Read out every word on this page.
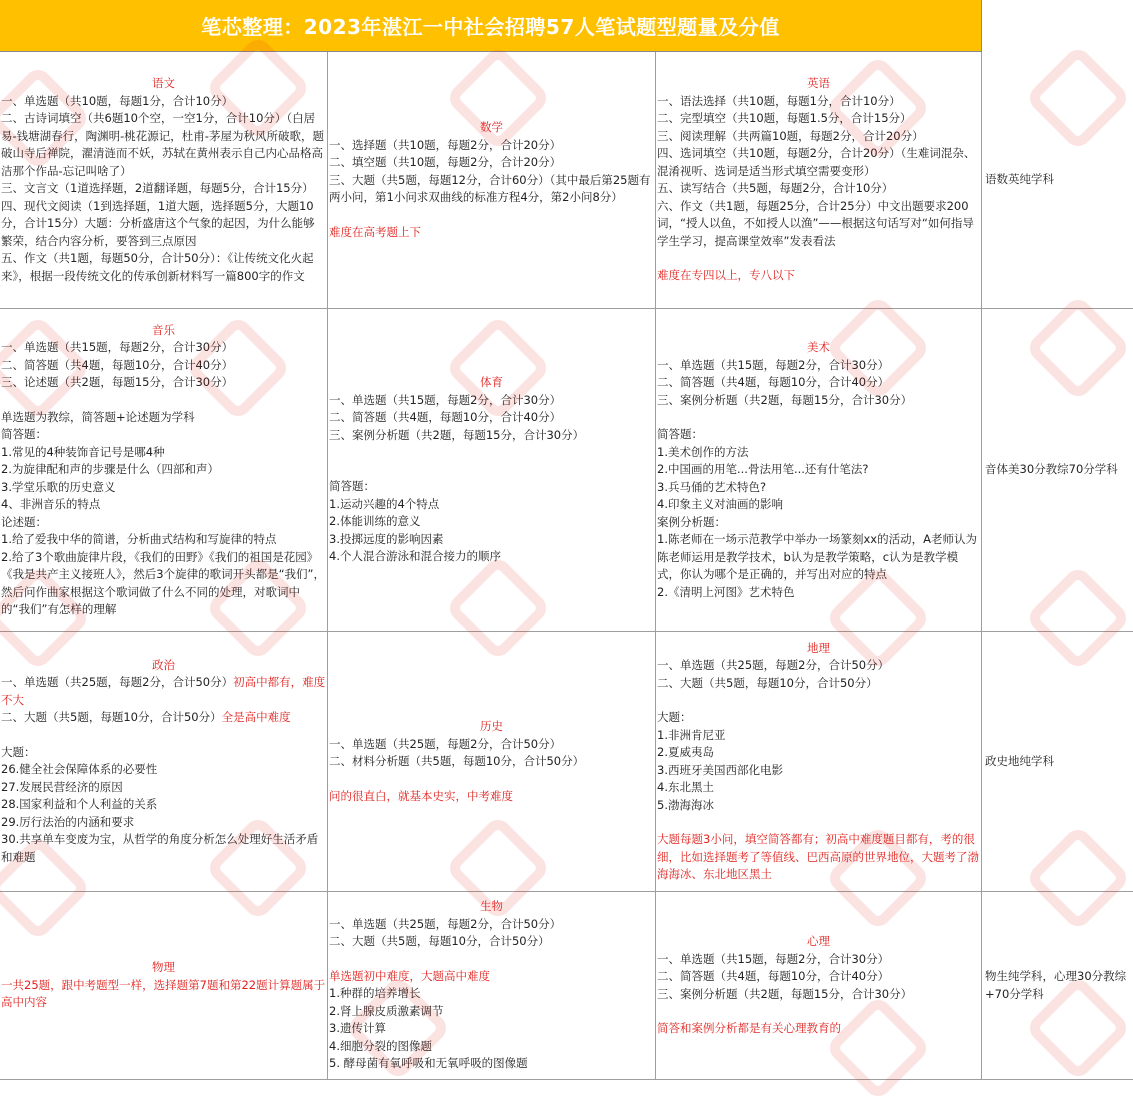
笔芯整理：2023年湛江一中社会招聘57人笔试题型题量及分值
语文
一、单选题（共10题，每题1分，合计10分）
二、古诗词填空（共6题10个空，一空1分，合计10分）（白居易-钱塘湖春行，陶渊明-桃花源记，杜甫-茅屋为秋风所破歌，题破山寺后禅院，濯清涟而不妖，苏轼在黄州表示自己内心品格高洁那个作品-忘记叫啥了）
三、文言文（1道选择题，2道翻译题，每题5分，合计15分）
四、现代文阅读（1到选择题，1道大题，选择题5分，大题10分，合计15分）大题：分析盛唐这个气象的起因，为什么能够繁荣，结合内容分析，要答到三点原因
五、作文（共1题，每题50分，合计50分）：《让传统文化火起来》，根据一段传统文化的传承创新材料写一篇800字的作文
数学
一、选择题（共10题，每题2分，合计20分）
二、填空题（共10题，每题2分，合计20分）
三、大题（共5题，每题12分，合计60分）（其中最后第25题有两小问，第1小问求双曲线的标准方程4分，第2小问8分）
难度在高考题上下
英语
一、语法选择（共10题，每题1分，合计10分）
二、完型填空（共10题，每题1.5分，合计15分）
三、阅读理解（共两篇10题，每题2分，合计20分）
四、选词填空（共10题，每题2分，合计20分）（生难词混杂、混淆视听、选词是适当形式填空需要变形）
五、读写结合（共5题，每题2分，合计10分）
六、作文（共1题，每题25分，合计25分）中文出题要求200词，“授人以鱼，不如授人以渔”——根据这句话写对“如何指导学生学习，提高课堂效率”发表看法
难度在专四以上，专八以下
语数英纯学科
音乐
一、单选题（共15题，每题2分，合计30分）
二、简答题（共4题，每题10分，合计40分）
三、论述题（共2题，每题15分，合计30分）
单选题为教综，简答题+论述题为学科
简答题：
1.常见的4种装饰音记号是哪4种
2.为旋律配和声的步骤是什么（四部和声）
3.学堂乐歌的历史意义
4、非洲音乐的特点
论述题：
1.给了爱我中华的简谱，分析曲式结构和写旋律的特点
2.给了3个歌曲旋律片段，《我们的田野》《我们的祖国是花园》《我是共产主义接班人》，然后3个旋律的歌词开头都是“我们”，然后问作曲家根据这个歌词做了什么不同的处理，对歌词中的“我们”有怎样的理解
体育
一、单选题（共15题，每题2分，合计30分）
二、简答题（共4题，每题10分，合计40分）
三、案例分析题（共2题，每题15分，合计30分）
简答题：
1.运动兴趣的4个特点
2.体能训练的意义
3.投掷远度的影响因素
4.个人混合游泳和混合接力的顺序
美术
一、单选题（共15题，每题2分，合计30分）
二、简答题（共4题，每题10分，合计40分）
三、案例分析题（共2题，每题15分，合计30分）
简答题：
1.美术创作的方法
2.中国画的用笔...骨法用笔...还有什笔法?
3.兵马俑的艺术特色?
4.印象主义对油画的影响
案例分析题：
1.陈老师在一场示范教学中举办一场篆刻xx的活动，A老师认为陈老师运用是教学技术，b认为是教学策略，c认为是教学模式，你认为哪个是正确的，并写出对应的特点
2.《清明上河图》艺术特色
音体美30分教综70分学科
政治
一、单选题（共25题，每题2分，合计50分）初高中都有，难度不大
二、大题（共5题，每题10分，合计50分）全是高中难度
大题：
26.健全社会保障体系的必要性
27.发展民营经济的原因
28.国家利益和个人利益的关系
29.厉行法治的内涵和要求
30.共享单车变废为宝，从哲学的角度分析怎么处理好生活矛盾和难题
历史
一、单选题（共25题，每题2分，合计50分）
二、材料分析题（共5题，每题10分，合计50分）
问的很直白，就基本史实，中考难度
地理
一、单选题（共25题，每题2分，合计50分）
二、大题（共5题，每题10分，合计50分）
大题：
1.非洲肯尼亚
2.夏威夷岛
3.西班牙美国西部化电影
4.东北黑土
5.渤海海冰
大题每题3小问，填空简答都有；初高中难度题目都有，考的很细，比如选择题考了等值线、巴西高原的世界地位，大题考了渤海海冰、东北地区黑土
政史地纯学科
物理
一共25题，跟中考题型一样，选择题第7题和第22题计算题属于高中内容
生物
一、单选题（共25题，每题2分，合计50分）
二、大题（共5题，每题10分，合计50分）
单选题初中难度，大题高中难度
1.种群的培养增长
2.肾上腺皮质激素调节
3.遗传计算
4.细胞分裂的图像题
5. 酵母菌有氧呼吸和无氧呼吸的图像题
心理
一、单选题（共15题，每题2分，合计30分）
二、简答题（共4题，每题10分，合计40分）
三、案例分析题（共2题，每题15分，合计30分）
简答和案例分析都是有关心理教育的
物生纯学科，心理30分教综+70分学科
